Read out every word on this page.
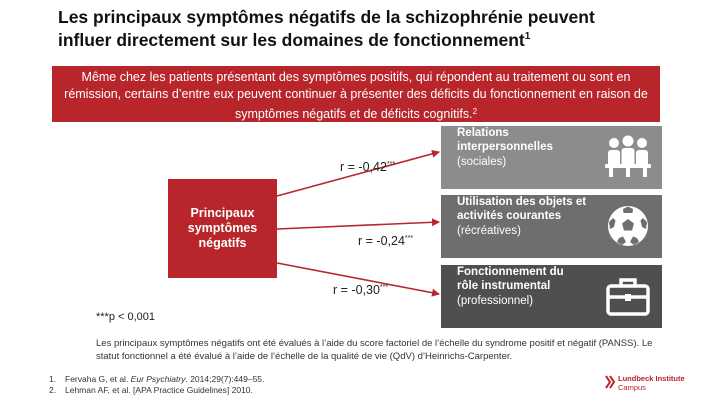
Les principaux symptômes négatifs de la schizophrénie peuvent
influer directement sur les domaines de fonctionnement$^1$
Même chez les patients présentant des symptômes positifs, qui répondent au traitement ou sont en rémission, certains d’entre eux peuvent continuer à présenter des déficits du fonctionnement en raison de symptômes négatifs et de déficits cognitifs.$^2$
Principaux
symptômes
négatifs
r = -0,42***
r = -0,24***
r = -0,30***
Relations
interpersonnelles
(sociales)
Utilisation des objets et
activités courantes
(récréatives)
Fonctionnement du
rôle instrumental
(professionnel)
***p < 0,001
Les principaux symptômes négatifs ont été évalués à l’aide du score factoriel de l’échelle du syndrome positif et négatif (PANSS). Le statut fonctionnel a été évalué à l’aide de l’échelle de la qualité de vie (QdV) d’Heinrichs-Carpenter.
1. Fervaha G, et al. Eur Psychiatry. 2014;29(7):449–55.
2. Lehman AF, et al. [APA Practice Guidelines] 2010.
Lundbeck Institute
Campus
